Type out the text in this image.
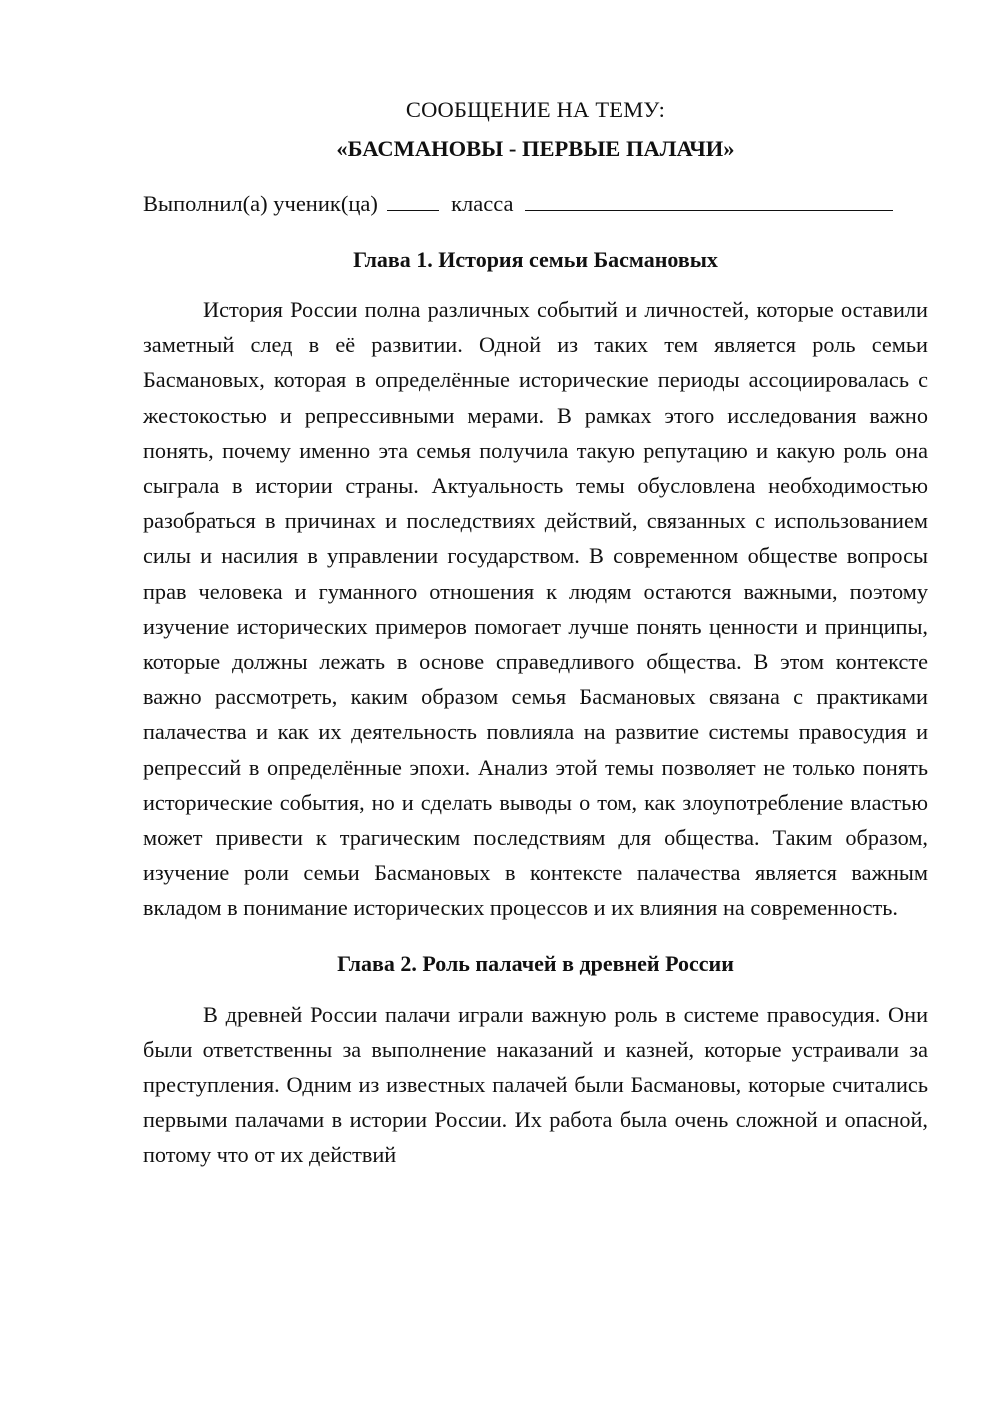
СООБЩЕНИЕ НА ТЕМУ:

«БАСМАНОВЫ - ПЕРВЫЕ ПАЛАЧИ»

Выполнил(а) ученик(ца)	класса
Глава 1. История семьи Басмановых

История России полна различных событий и личностей, которые оставили заметный след в её развитии. Одной из таких тем является роль семьи Басмановых, которая в определённые исторические периоды ассоциировалась с жестокостью и репрессивными мерами. В рамках этого исследования важно понять, почему именно эта семья получила такую репутацию и какую роль она сыграла в истории страны. Актуальность темы обусловлена необходимостью разобраться в причинах и последствиях действий, связанных с использованием силы и насилия в управлении государством. В современном обществе вопросы прав человека и гуманного отношения к людям остаются важными, поэтому изучение исторических примеров помогает лучше понять ценности и принципы, которые должны лежать в основе справедливого общества. В этом контексте важно рассмотреть, каким образом семья Басмановых связана с практиками палачества и как их деятельность повлияла на развитие системы правосудия и репрессий в определённые эпохи. Анализ этой темы позволяет не только понять исторические события, но и сделать выводы о том, как злоупотребление властью может привести к трагическим последствиям для общества. Таким образом, изучение роли семьи Басмановых в контексте палачества является важным вкладом в понимание исторических процессов и их влияния на современность.

Глава 2. Роль палачей в древней России

В древней России палачи играли важную роль в системе правосудия. Они были ответственны за выполнение наказаний и казней, которые устраивали за преступления. Одним из известных палачей были Басмановы, которые считались первыми палачами в истории России. Их работа была очень сложной и опасной, потому что от их действий
